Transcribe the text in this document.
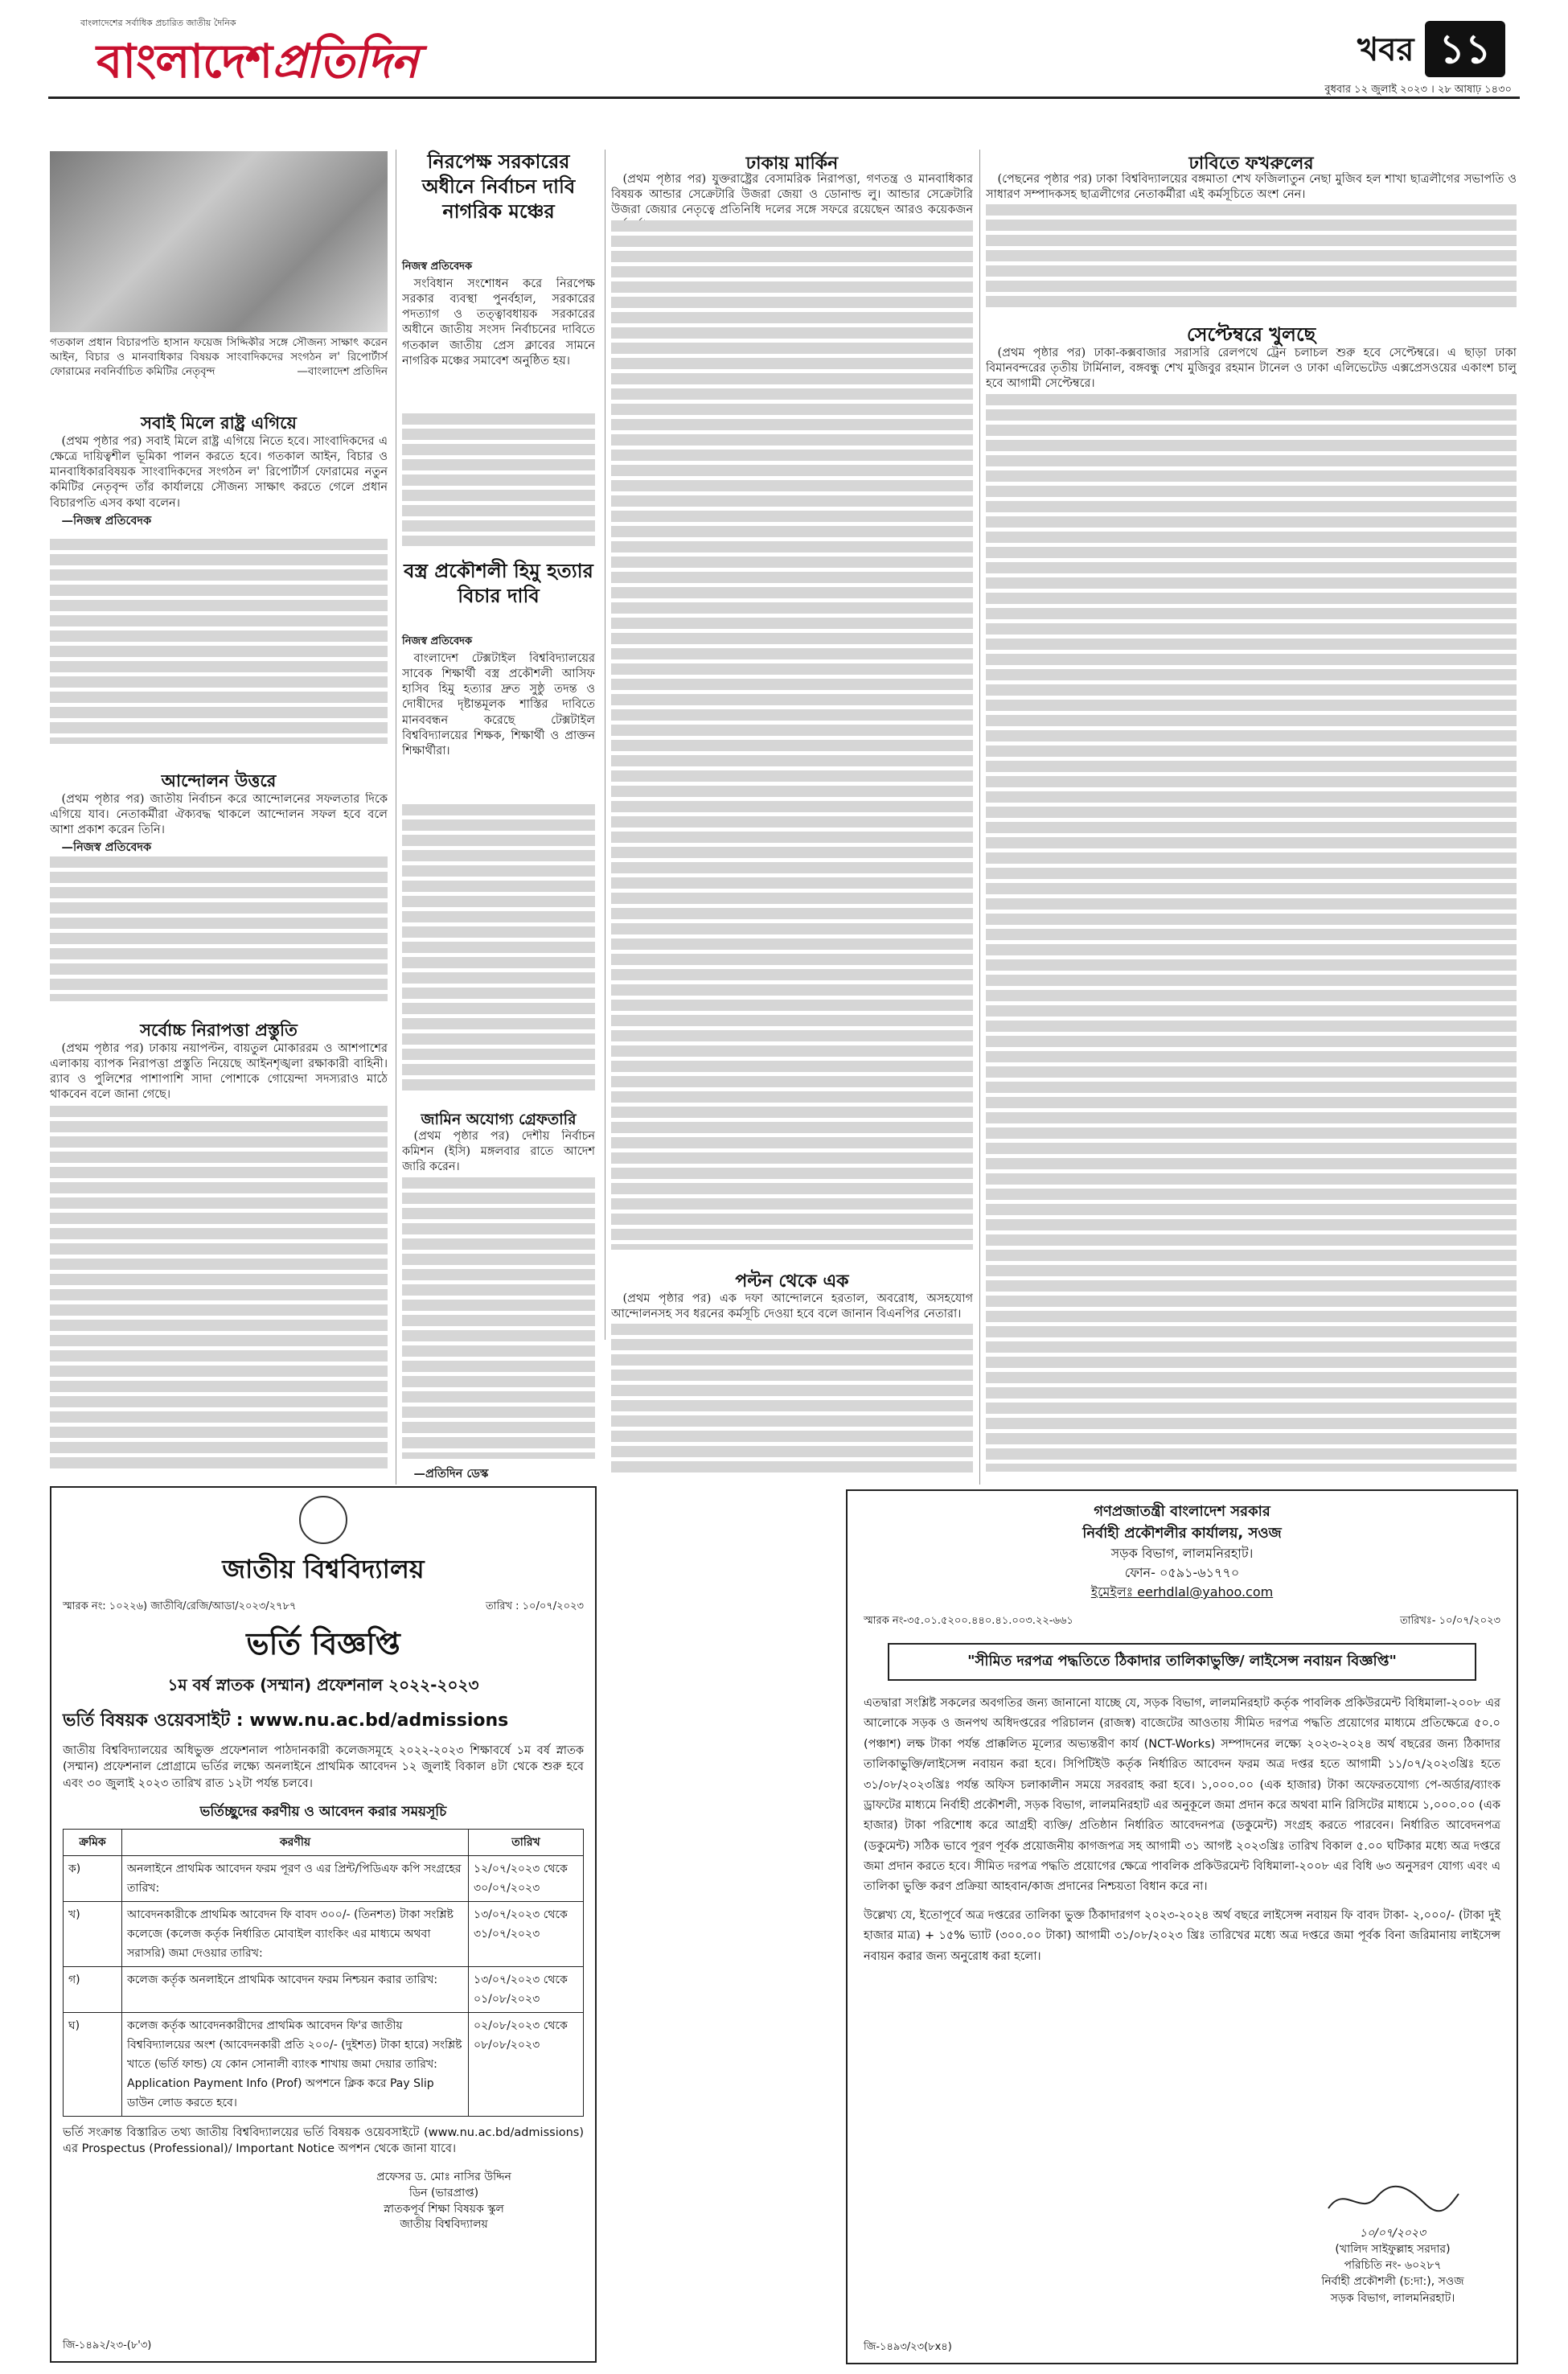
বাংলাদেশের সর্বাধিক প্রচারিত জাতীয় দৈনিক
বাংলাদেশপ্রতিদিন	খবর ১১
বুধবার ১২ জুলাই ২০২৩ । ২৮ আষাঢ় ১৪৩০
গতকাল প্রধান বিচারপতি হাসান ফয়েজ সিদ্দিকীর সঙ্গে সৌজন্য সাক্ষাৎ করেন আইন, বিচার ও মানবাধিকার বিষয়ক সাংবাদিকদের সংগঠন ল' রিপোর্টার্স ফোরামের নবনির্বাচিত কমিটির নেতৃবৃন্দ	—বাংলাদেশ প্রতিদিন
সবাই মিলে রাষ্ট্র এগিয়ে

(প্রথম পৃষ্ঠার পর) সবাই মিলে রাষ্ট্র এগিয়ে নিতে হবে। সাংবাদিকদের এ ক্ষেত্রে দায়িত্বশীল ভূমিকা পালন করতে হবে। গতকাল আইন, বিচার ও মানবাধিকারবিষয়ক সাংবাদিকদের সংগঠন ল' রিপোর্টার্স ফোরামের নতুন কমিটির নেতৃবৃন্দ তাঁর কার্যালয়ে সৌজন্য সাক্ষাৎ করতে গেলে প্রধান বিচারপতি এসব কথা বলেন।

—নিজস্ব প্রতিবেদক

আন্দোলন উত্তরে

(প্রথম পৃষ্ঠার পর) জাতীয় নির্বাচন করে আন্দোলনের সফলতার দিকে এগিয়ে যাব। নেতাকর্মীরা ঐক্যবদ্ধ থাকলে আন্দোলন সফল হবে বলে আশা প্রকাশ করেন তিনি।

—নিজস্ব প্রতিবেদক

সর্বোচ্চ নিরাপত্তা প্রস্তুতি

(প্রথম পৃষ্ঠার পর) ঢাকায় নয়াপল্টন, বায়তুল মোকাররম ও আশপাশের এলাকায় ব্যাপক নিরাপত্তা প্রস্তুতি নিয়েছে আইনশৃঙ্খলা রক্ষাকারী বাহিনী। র‍্যাব ও পুলিশের পাশাপাশি সাদা পোশাকে গোয়েন্দা সদস্যরাও মাঠে থাকবেন বলে জানা গেছে।

নিরপেক্ষ সরকারের অধীনে নির্বাচন দাবি নাগরিক মঞ্চের
নিজস্ব প্রতিবেদক

সংবিধান সংশোধন করে নিরপেক্ষ সরকার ব্যবস্থা পুনর্বহাল, সরকারের পদত্যাগ ও তত্ত্বাবধায়ক সরকারের অধীনে জাতীয় সংসদ নির্বাচনের দাবিতে গতকাল জাতীয় প্রেস ক্লাবের সামনে নাগরিক মঞ্চের সমাবেশ অনুষ্ঠিত হয়।

বস্ত্র প্রকৌশলী হিমু হত্যার বিচার দাবি
নিজস্ব প্রতিবেদক

বাংলাদেশ টেক্সটাইল বিশ্ববিদ্যালয়ের সাবেক শিক্ষার্থী বস্ত্র প্রকৌশলী আসিফ হাসিব হিমু হত্যার দ্রুত সুষ্ঠু তদন্ত ও দোষীদের দৃষ্টান্তমূলক শাস্তির দাবিতে মানববন্ধন করেছে টেক্সটাইল বিশ্ববিদ্যালয়ের শিক্ষক, শিক্ষার্থী ও প্রাক্তন শিক্ষার্থীরা।

জামিন অযোগ্য গ্রেফতারি

(প্রথম পৃষ্ঠার পর) দেশীয় নির্বাচন কমিশন (ইসি) মঙ্গলবার রাতে আদেশ জারি করেন।

—প্রতিদিন ডেস্ক

ঢাকায় মার্কিন

(প্রথম পৃষ্ঠার পর) যুক্তরাষ্ট্রের বেসামরিক নিরাপত্তা, গণতন্ত্র ও মানবাধিকার বিষয়ক আন্ডার সেক্রেটারি উজরা জেয়া ও ডোনাল্ড লু। আন্ডার সেক্রেটারি উজরা জেয়ার নেতৃত্বে প্রতিনিধি দলের সঙ্গে সফরে রয়েছেন আরও কয়েকজন

পল্টন থেকে এক

(প্রথম পৃষ্ঠার পর) এক দফা আন্দোলনে হরতাল, অবরোধ, অসহযোগ আন্দোলনসহ সব ধরনের কর্মসূচি দেওয়া হবে বলে জানান বিএনপির নেতারা।

ঢাবিতে ফখরুলের

(পেছনের পৃষ্ঠার পর) ঢাকা বিশ্ববিদ্যালয়ের বঙ্গমাতা শেখ ফজিলাতুন নেছা মুজিব হল শাখা ছাত্রলীগের সভাপতি ও সাধারণ সম্পাদকসহ ছাত্রলীগের নেতাকর্মীরা এই কর্মসূচিতে অংশ নেন।

সেপ্টেম্বরে খুলছে

(প্রথম পৃষ্ঠার পর) ঢাকা-কক্সবাজার সরাসরি রেলপথে ট্রেন চলাচল শুরু হবে সেপ্টেম্বরে। এ ছাড়া ঢাকা বিমানবন্দরের তৃতীয় টার্মিনাল, বঙ্গবন্ধু শেখ মুজিবুর রহমান টানেল ও ঢাকা এলিভেটেড এক্সপ্রেসওয়ের একাংশ চালু হবে আগামী সেপ্টেম্বরে।

জাতীয় বিশ্ববিদ্যালয়
স্মারক নং: ১০২২৬) জাতীবি/রেজি/আডা/২০২৩/২৭৮৭	তারিখ : ১০/০৭/২০২৩
ভর্তি বিজ্ঞপ্তি
১ম বর্ষ স্নাতক (সম্মান) প্রফেশনাল ২০২২-২০২৩
ভর্তি বিষয়ক ওয়েবসাইট : www.nu.ac.bd/admissions
জাতীয় বিশ্ববিদ্যালয়ের অধিভুক্ত প্রফেশনাল পাঠদানকারী কলেজসমূহে ২০২২-২০২৩ শিক্ষাবর্ষে ১ম বর্ষ স্নাতক (সম্মান) প্রফেশনাল প্রোগ্রামে ভর্তির লক্ষ্যে অনলাইনে প্রাথমিক আবেদন ১২ জুলাই বিকাল ৪টা থেকে শুরু হবে এবং ৩০ জুলাই ২০২৩ তারিখ রাত ১২টা পর্যন্ত চলবে।
ভর্তিচ্ছুদের করণীয় ও আবেদন করার সময়সূচি
ক্রমিক	করণীয়	তারিখ
ক)	অনলাইনে প্রাথমিক আবেদন ফরম পূরণ ও এর প্রিন্ট/পিডিএফ কপি সংগ্রহের তারিখ:	১২/০৭/২০২৩ থেকে ৩০/০৭/২০২৩
খ)	আবেদনকারীকে প্রাথমিক আবেদন ফি বাবদ ৩০০/- (তিনশত) টাকা সংশ্লিষ্ট কলেজে (কলেজ কর্তৃক নির্ধারিত মোবাইল ব্যাংকিং এর মাধ্যমে অথবা সরাসরি) জমা দেওয়ার তারিখ:	১৩/০৭/২০২৩ থেকে ৩১/০৭/২০২৩
গ)	কলেজ কর্তৃক অনলাইনে প্রাথমিক আবেদন ফরম নিশ্চয়ন করার তারিখ:	১৩/০৭/২০২৩ থেকে ০১/০৮/২০২৩
ঘ)	কলেজ কর্তৃক আবেদনকারীদের প্রাথমিক আবেদন ফি'র জাতীয় বিশ্ববিদ্যালয়ের অংশ (আবেদনকারী প্রতি ২০০/- (দুইশত) টাকা হারে) সংশ্লিষ্ট খাতে (ভর্তি ফান্ড) যে কোন সোনালী ব্যাংক শাখায় জমা দেয়ার তারিখ: Application Payment Info (Prof) অপশনে ক্লিক করে Pay Slip ডাউন লোড করতে হবে।	০২/০৮/২০২৩ থেকে ০৮/০৮/২০২৩
ভর্তি সংক্রান্ত বিস্তারিত তথ্য জাতীয় বিশ্ববিদ্যালয়ের ভর্তি বিষয়ক ওয়েবসাইটে (www.nu.ac.bd/admissions) এর Prospectus (Professional)/ Important Notice অপশন থেকে জানা যাবে।
প্রফেসর ড. মোঃ নাসির উদ্দিন
ডিন (ভারপ্রাপ্ত)
স্নাতকপূর্ব শিক্ষা বিষয়ক স্কুল
জাতীয় বিশ্ববিদ্যালয়
জি-১৪৯২/২৩-(৮'৩)
গণপ্রজাতন্ত্রী বাংলাদেশ সরকার
নির্বাহী প্রকৌশলীর কার্যালয়, সওজ
সড়ক বিভাগ, লালমনিরহাট।
ফোন- ০৫৯১-৬১৭৭০
ইমেইলঃ eerhdlal@yahoo.com
স্মারক নং-৩৫.০১.৫২০০.৪৪০.৪১.০০৩.২২-৬৬১	তারিখঃ- ১০/০৭/২০২৩
"সীমিত দরপত্র পদ্ধতিতে ঠিকাদার তালিকাভুক্তি/ লাইসেন্স নবায়ন বিজ্ঞপ্তি"
এতদ্বারা সংশ্লিষ্ট সকলের অবগতির জন্য জানানো যাচ্ছে যে, সড়ক বিভাগ, লালমনিরহাট কর্তৃক পাবলিক প্রকিউরমেন্ট বিধিমালা-২০০৮ এর আলোকে সড়ক ও জনপথ অধিদপ্তরের পরিচালন (রাজস্ব) বাজেটের আওতায় সীমিত দরপত্র পদ্ধতি প্রয়োগের মাধ্যমে প্রতিক্ষেত্রে ৫০.০ (পঞ্চাশ) লক্ষ টাকা পর্যন্ত প্রাক্কলিত মূল্যের অভ্যন্তরীণ কার্য (NCT-Works) সম্পাদনের লক্ষ্যে ২০২৩-২০২৪ অর্থ বছরের জন্য ঠিকাদার তালিকাভুক্তি/লাইসেন্স নবায়ন করা হবে। সিপিটিইউ কর্তৃক নির্ধারিত আবেদন ফরম অত্র দপ্তর হতে আগামী ১১/০৭/২০২৩খ্রিঃ হতে ৩১/০৮/২০২৩খ্রিঃ পর্যন্ত অফিস চলাকালীন সময়ে সরবরাহ করা হবে। ১,০০০.০০ (এক হাজার) টাকা অফেরতযোগ্য পে-অর্ডার/ব্যাংক ড্রাফটের মাধ্যমে নির্বাহী প্রকৌশলী, সড়ক বিভাগ, লালমনিরহাট এর অনুকূলে জমা প্রদান করে অথবা মানি রিসিটের মাধ্যমে ১,০০০.০০ (এক হাজার) টাকা পরিশোধ করে আগ্রহী ব্যক্তি/ প্রতিষ্ঠান নির্ধারিত আবেদনপত্র (ডকুমেন্ট) সংগ্রহ করতে পারবেন। নির্ধারিত আবেদনপত্র (ডকুমেন্ট) সঠিক ভাবে পূরণ পূর্বক প্রয়োজনীয় কাগজপত্র সহ আগামী ৩১ আগষ্ট ২০২৩খ্রিঃ তারিখ বিকাল ৫.০০ ঘটিকার মধ্যে অত্র দপ্তরে জমা প্রদান করতে হবে। সীমিত দরপত্র পদ্ধতি প্রয়োগের ক্ষেত্রে পাবলিক প্রকিউরমেন্ট বিধিমালা-২০০৮ এর বিধি ৬৩ অনুসরণ যোগ্য এবং এ তালিকা ভুক্তি করণ প্রক্রিয়া আহবান/কাজ প্রদানের নিশ্চয়তা বিধান করে না।
উল্লেখ্য যে, ইতোপূর্বে অত্র দপ্তরের তালিকা ভুক্ত ঠিকাদারগণ ২০২৩-২০২৪ অর্থ বছরে লাইসেন্স নবায়ন ফি বাবদ টাকা- ২,০০০/- (টাকা দুই হাজার মাত্র) + ১৫% ভ্যাট (৩০০.০০ টাকা) আগামী ৩১/০৮/২০২৩ খ্রিঃ তারিখের মধ্যে অত্র দপ্তরে জমা পূর্বক বিনা জরিমানায় লাইসেন্স নবায়ন করার জন্য অনুরোধ করা হলো।
১০/০৭/২০২৩
(খালিদ সাইফুল্লাহ সরদার)
পরিচিতি নং- ৬০২৮৭
নির্বাহী প্রকৌশলী (চ:দা:), সওজ
সড়ক বিভাগ, লালমনিরহাট।
জি-১৪৯৩/২৩(৮x৪)
